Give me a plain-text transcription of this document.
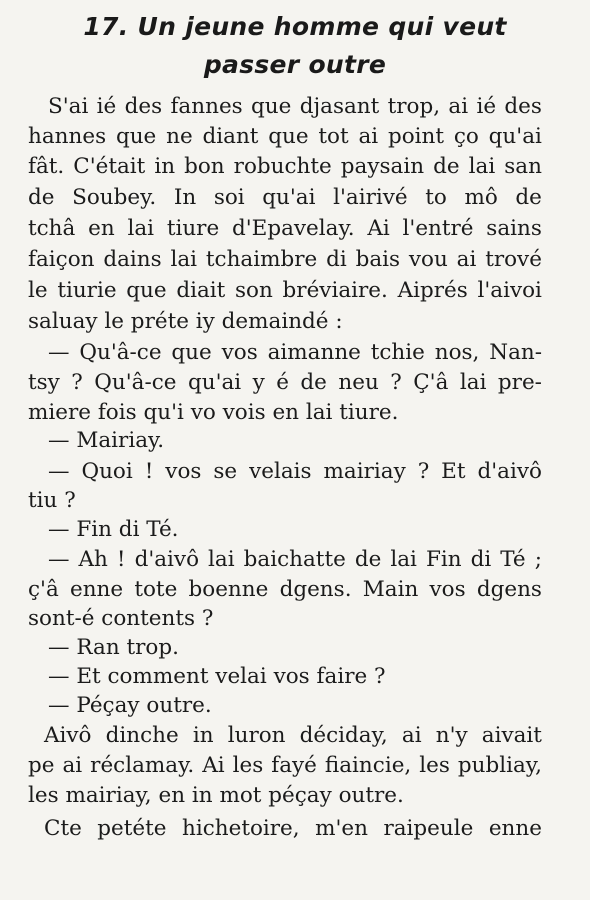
17. Un jeune homme qui veut
passer outre
S'ai ié des fannes que djasant trop, ai ié des
hannes que ne diant que tot ai point ço qu'ai
fât. C'était in bon robuchte paysain de lai san
de Soubey. In soi qu'ai l'airivé to mô de
tchâ en lai tiure d'Epavelay. Ai l'entré sains
faiçon dains lai tchaimbre di bais vou ai trové
le tiurie que diait son bréviaire. Aiprés l'aivoi
saluay le préte iy demaindé :
— Qu'â-ce que vos aimanne tchie nos, Nan-
tsy ? Qu'â-ce qu'ai y é de neu ? Ç'â lai pre-
miere fois qu'i vo vois en lai tiure.
— Mairiay.
— Quoi ! vos se velais mairiay ? Et d'aivô
tiu ?
— Fin di Té.
— Ah ! d'aivô lai baichatte de lai Fin di Té ;
ç'â enne tote boenne dgens. Main vos dgens
sont-é contents ?
— Ran trop.
— Et comment velai vos faire ?
— Péçay outre.
Aivô dinche in luron déciday, ai n'y aivait
pe ai réclamay. Ai les fayé fiaincie, les publiay,
les mairiay, en in mot péçay outre.
Cte petéte hichetoire, m'en raipeule enne
